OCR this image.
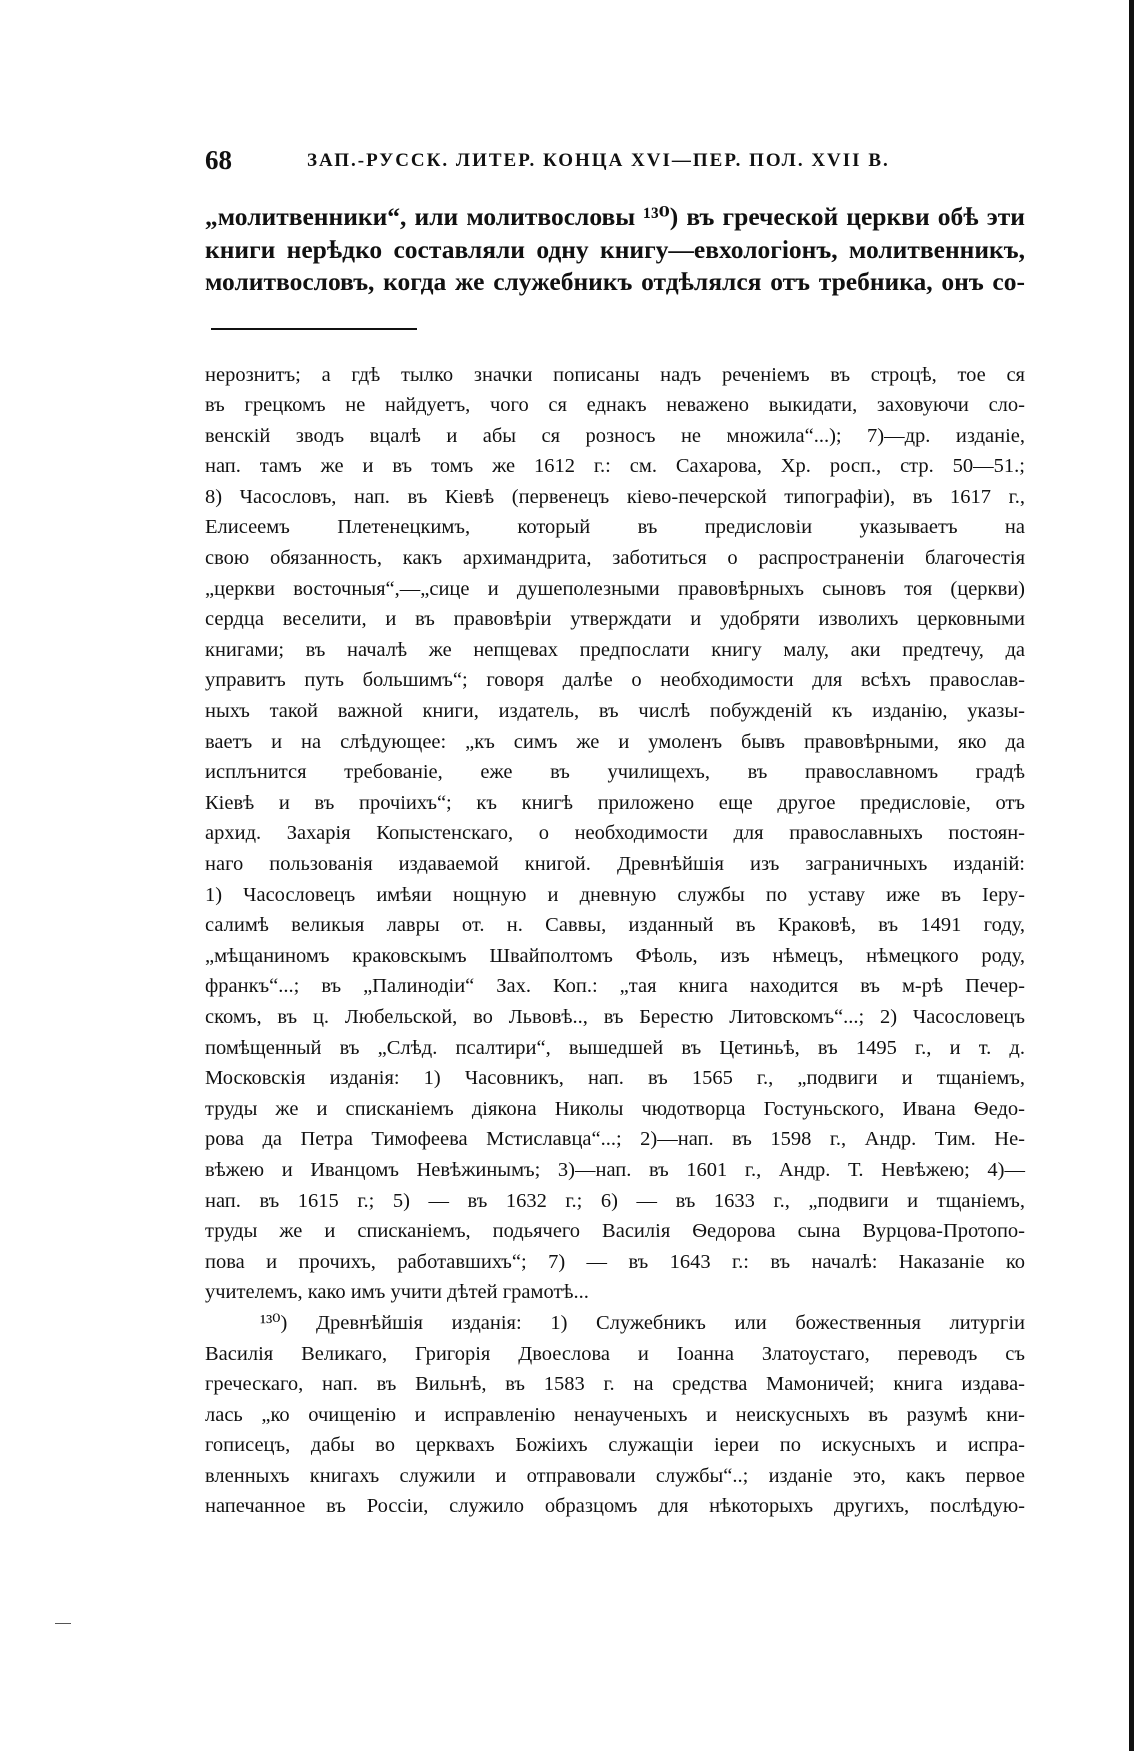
68	ЗАП.-РУССК. ЛИТЕР. КОНЦА XVI—ПЕР. ПОЛ. XVII В.
„молитвенники“, или молитвословы ¹³⁰) въ греческой церкви обѣ эти
книги нерѣдко составляли одну книгу—евхологіонъ, молитвенникъ,
молитвословъ, когда же служебникъ отдѣлялся отъ требника, онъ со-
нерознитъ; а гдѣ тылко значки пописаны надъ реченіемъ въ строцѣ, тое ся
въ грецкомъ не найдуетъ, чого ся еднакъ неважено выкидати, заховуючи сло-
венскій зводъ вцалѣ и абы ся розносъ не множила“...); 7)—др. изданіе,
нап. тамъ же и въ томъ же 1612 г.: см. Сахарова, Хр. росп., стр. 50—51.;
8) Часословъ, нап. въ Кіевѣ (первенецъ кіево-печерской типографіи), въ 1617 г.,
Елисеемъ Плетенецкимъ, который въ предисловіи указываетъ на
свою обязанность, какъ архимандрита, заботиться о распространеніи благочестія
„церкви восточныя“,—„сице и душеполезными правовѣрныхъ сыновъ тоя (церкви)
сердца веселити, и въ правовѣріи утверждати и удобряти изволихъ церковными
книгами; въ началѣ же непщевах предпослати книгу малу, аки предтечу, да
управитъ путь большимъ“; говоря далѣе о необходимости для всѣхъ православ-
ныхъ такой важной книги, издатель, въ числѣ побужденій къ изданію, указы-
ваетъ и на слѣдующее: „къ симъ же и умоленъ бывъ правовѣрными, яко да
исплънится требованіе, еже въ училищехъ, въ православномъ градѣ
Кіевѣ и въ прочіихъ“; къ книгѣ приложено еще другое предисловіе, отъ
архид. Захарія Копыстенскаго, о необходимости для православныхъ постоян-
наго пользованія издаваемой книгой. Древнѣйшія изъ заграничныхъ изданій:
1) Часословецъ имѣяи нощную и дневную службы по уставу иже въ Іеру-
салимѣ великыя лавры от. н. Саввы, изданный въ Краковѣ, въ 1491 году,
„мѣщаниномъ краковскымъ Швайполтомъ Фѣоль, изъ нѣмецъ, нѣмецкого роду,
франкъ“...; въ „Палинодіи“ Зах. Коп.: „тая книга находится въ м-рѣ Печер-
скомъ, въ ц. Любельской, во Львовѣ.., въ Берестю Литовскомъ“...; 2) Часословецъ
помѣщенный въ „Слѣд. псалтири“, вышедшей въ Цетиньѣ, въ 1495 г., и т. д.
Московскія изданія: 1) Часовникъ, нап. въ 1565 г., „подвиги и тщаніемъ,
труды же и спиcканіемъ діякона Николы чюдотворца Гостуньского, Ивана Ѳедо-
рова да Петра Тимофеева Мстиславца“...; 2)—нап. въ 1598 г., Андр. Тим. Не-
вѣжею и Иванцомъ Невѣжинымъ; 3)—нап. въ 1601 г., Андр. Т. Невѣжею; 4)—
нап. въ 1615 г.; 5) — въ 1632 г.; 6) — въ 1633 г., „подвиги и тщаніемъ,
труды же и спиcканіемъ, подьячего Василія Ѳедорова сына Вурцова-Протопо-
пова и прочихъ, работавшихъ“; 7) — въ 1643 г.: въ началѣ: Наказаніе ко
учителемъ, како имъ учити дѣтей грамотѣ...
¹³⁰) Древнѣйшія изданія: 1) Служебникъ или божественныя литургіи
Василія Великаго, Григорія Двоеслова и Іоанна Златоустаго, переводъ съ
греческаго, нап. въ Вильнѣ, въ 1583 г. на средства Мамоничей; книга издава-
лась „ко очищенію и исправленію ненаученыхъ и неискусныхъ въ разумѣ кни-
гописецъ, дабы во церквахъ Божіихъ служащіи іереи по искусныхъ и испра-
вленныхъ книгахъ служили и отправовали службы“..; изданіе это, какъ первое
напечанное въ Россіи, служило образцомъ для нѣкоторыхъ другихъ, послѣдую-
